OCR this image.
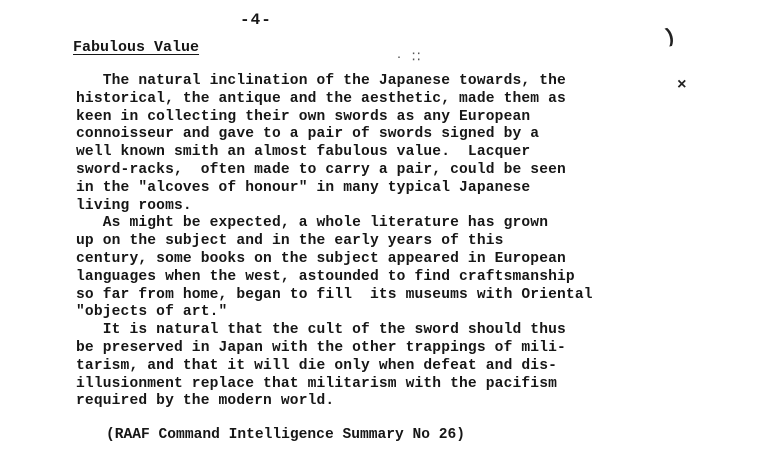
-4-
Fabulous Value	)
×
· ⁚⁚
The natural inclination of the Japanese towards, the
historical, the antique and the aesthetic, made them as
keen in collecting their own swords as any European
connoisseur and gave to a pair of swords signed by a
well known smith an almost fabulous value.  Lacquer
sword-racks,  often made to carry a pair, could be seen
in the "alcoves of honour" in many typical Japanese
living rooms.
As might be expected, a whole literature has grown
up on the subject and in the early years of this
century, some books on the subject appeared in European
languages when the west, astounded to find craftsmanship
so far from home, began to fill  its museums with Oriental
"objects of art."
It is natural that the cult of the sword should thus
be preserved in Japan with the other trappings of mili-
tarism, and that it will die only when defeat and dis-
illusionment replace that militarism with the pacifism
required by the modern world.
(RAAF Command Intelligence Summary No 26)
